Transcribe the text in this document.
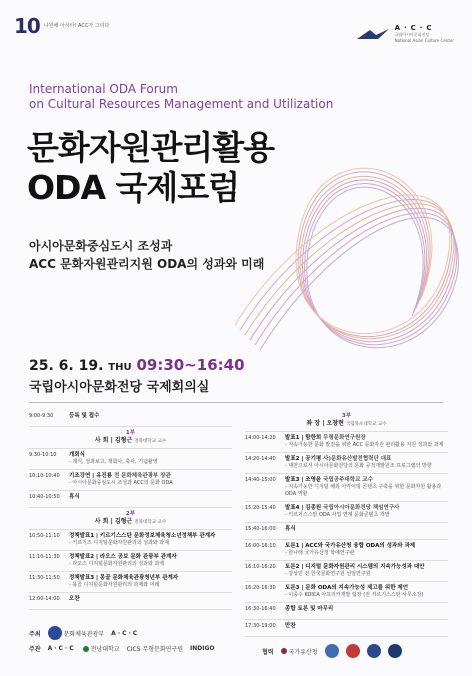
10 나원해 아시아! ACC가 그리다	A·C·C
국립아시아문화전당
National Asian Culture Center
International ODA Forum
on Cultural Resources Management and Utilization
문화자원관리활용
ODA 국제포럼
아시아문화중심도시 조성과
ACC 문화자원관리지원 ODA의 성과와 미래
25. 6. 19. THU 09:30~16:40
국립아시아문화전당 국제회의실
9:00-9:30	등록 및 접수
1부
사 회 | 김형근 전북대학교 교수
9:30-10:10	개회식
- 개식, 성과보고, 개회사, 축사, 기념촬영
10:10-10:40	기조강연 | 유진룡 전 문화체육관광부 장관
- 아시아문화중심도시 조성과 ACC의 문화 ODA
10:40-10:50	휴식
2부
사 회 | 김형근 전북대학교 교수
10:50-11:10	정책발표1 | 키르기스스탄 문화정보체육청소년정책부 관계자
- 키르기즈 디지털문화자원관리의 성과와 과제
11:10-11:30	정책발표2 | 라오스 공보 문화 관광부 관계자
- 라오스 디지털문화자원관리의 성과와 과제
11:30-11:50	정책발표3 | 몽골 문화체육관광청년부 관계자
- 몽골 디지털문화자원관리의 과제와 미래
12:00-14:00	오찬
3부
좌 장 | 오창현 국립목포대학교 교수
14:00-14:20	발표1 | 함한희 무형문화연구원장
- 지속가능한 문화 발전을 위한 ACC 문화자원 관리활용 지원 성과와 과제
14:20-14:40	발표2 | 공기평 사)문화유산발전협력단 대표
- 대만으로서 아시아문화전당의 문화 공적개발원조 프로그램의 방향
14:40-15:00	발표3 | 조영윤 국립공주대학교 교수
- 지속가능한 디지털 해외 아카이빙 콘텐츠 구축을 위한 문화자원 활용과 ODA 역할
15:20-15:40	발표4 | 김종원 국립아시아문화전당 책임연구사
- 키르기스스탄 ODA 사업 연계 문화콘텐츠 개발
15:40-16:00	휴식
16:00-16:10	토론1 | ACC와 국가유산청 융합 ODA의 성과와 과제
- 한나래 국가유산청 학예연구관
16:10-16:20	토론2 | 디지털 문화자원관리 시스템의 지속가능성과 대안
- 강상민 전 한국문화연구원 선임연구원
16:20-16:30	토론3 | 문화 ODA의 지속가능성 제고를 위한 제언
- 이종수 KOICA 아프리카개발 팀장 (전 키르기스스탄 사무소장)
16:30-16:40	종합 토론 및 마무리
17:30-19:00	만찬
주최	문화체육관광부 A·C·C
주관 A·C·C	전남대학교 CICS 무형문화연구원 INDIGO	협력	국가유산청
